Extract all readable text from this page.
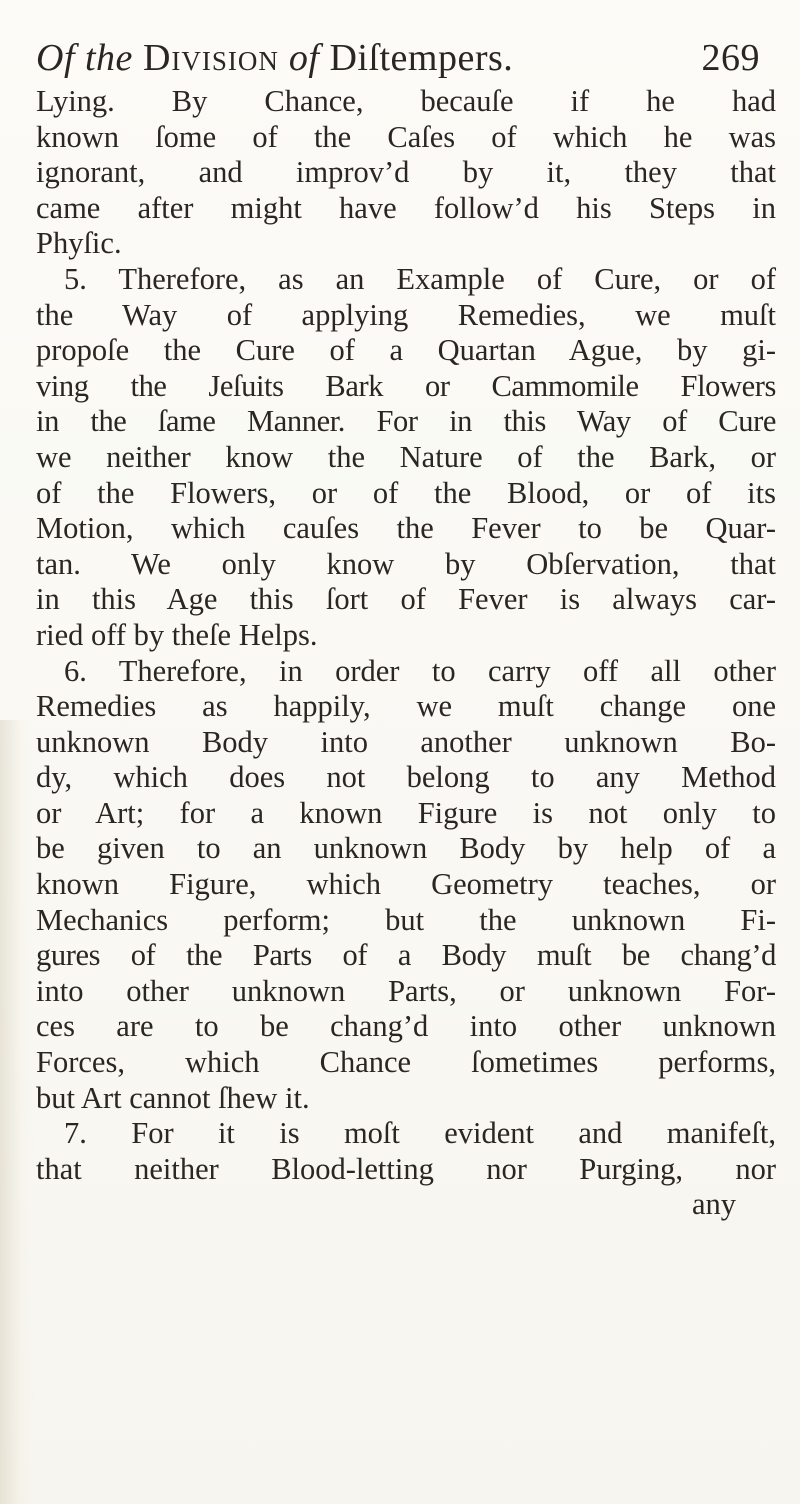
Of the Division of Diſtempers.	269
Lying. By Chance, becauſe if he had
known ſome of the Caſes of which he was
ignorant, and improv’d by it, they that
came after might have follow’d his Steps in
Phyſic.
5. Therefore, as an Example of Cure, or of
the Way of applying Remedies, we muſt
propoſe the Cure of a Quartan Ague, by gi-
ving the Jeſuits Bark or Cammomile Flowers
in the ſame Manner. For in this Way of Cure
we neither know the Nature of the Bark, or
of the Flowers, or of the Blood, or of its
Motion, which cauſes the Fever to be Quar-
tan. We only know by Obſervation, that
in this Age this ſort of Fever is always car-
ried off by theſe Helps.
6. Therefore, in order to carry off all other
Remedies as happily, we muſt change one
unknown Body into another unknown Bo-
dy, which does not belong to any Method
or Art; for a known Figure is not only to
be given to an unknown Body by help of a
known Figure, which Geometry teaches, or
Mechanics perform; but the unknown Fi-
gures of the Parts of a Body muſt be chang’d
into other unknown Parts, or unknown For-
ces are to be chang’d into other unknown
Forces, which Chance ſometimes performs,
but Art cannot ſhew it.
7. For it is moſt evident and manifeſt,
that neither Blood-letting nor Purging, nor
any
